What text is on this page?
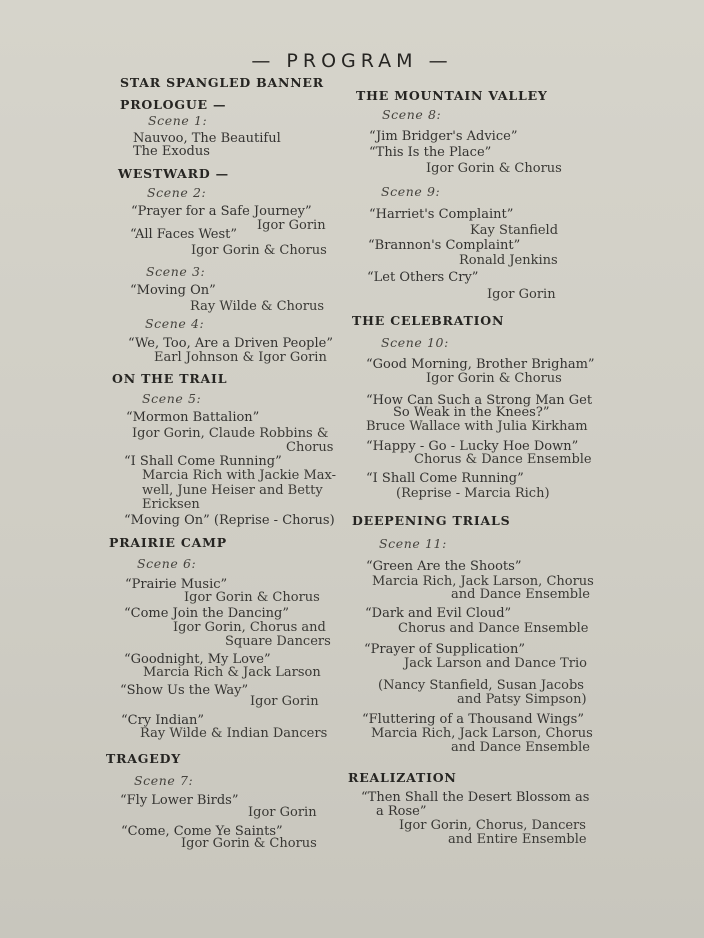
— PROGRAM —
STAR SPANGLED BANNER
PROLOGUE —
Scene 1:
Nauvoo, The Beautiful
The Exodus
WESTWARD —
Scene 2:
“Prayer for a Safe Journey”
Igor Gorin
“All Faces West”
Igor Gorin & Chorus
Scene 3:
“Moving On”
Ray Wilde & Chorus
Scene 4:
“We, Too, Are a Driven People”
Earl Johnson & Igor Gorin
ON THE TRAIL
Scene 5:
“Mormon Battalion”
Igor Gorin, Claude Robbins &
Chorus
“I Shall Come Running”
Marcia Rich with Jackie Max-
well, June Heiser and Betty
Ericksen
“Moving On” (Reprise - Chorus)
PRAIRIE CAMP
Scene 6:
“Prairie Music”
Igor Gorin & Chorus
“Come Join the Dancing”
Igor Gorin, Chorus and
Square Dancers
“Goodnight, My Love”
Marcia Rich & Jack Larson
“Show Us the Way”
Igor Gorin
“Cry Indian”
Ray Wilde & Indian Dancers
TRAGEDY
Scene 7:
“Fly Lower Birds”
Igor Gorin
“Come, Come Ye Saints”
Igor Gorin & Chorus
THE MOUNTAIN VALLEY
Scene 8:
“Jim Bridger's Advice”
“This Is the Place”
Igor Gorin & Chorus
Scene 9:
“Harriet's Complaint”
Kay Stanfield
“Brannon's Complaint”
Ronald Jenkins
“Let Others Cry”
Igor Gorin
THE CELEBRATION
Scene 10:
“Good Morning, Brother Brigham”
Igor Gorin & Chorus
“How Can Such a Strong Man Get
So Weak in the Knees?”
Bruce Wallace with Julia Kirkham
“Happy - Go - Lucky Hoe Down”
Chorus & Dance Ensemble
“I Shall Come Running”
(Reprise - Marcia Rich)
DEEPENING TRIALS
Scene 11:
“Green Are the Shoots”
Marcia Rich, Jack Larson, Chorus
and Dance Ensemble
“Dark and Evil Cloud”
Chorus and Dance Ensemble
“Prayer of Supplication”
Jack Larson and Dance Trio
(Nancy Stanfield, Susan Jacobs
and Patsy Simpson)
“Fluttering of a Thousand Wings”
Marcia Rich, Jack Larson, Chorus
and Dance Ensemble
REALIZATION
“Then Shall the Desert Blossom as
a Rose”
Igor Gorin, Chorus, Dancers
and Entire Ensemble
